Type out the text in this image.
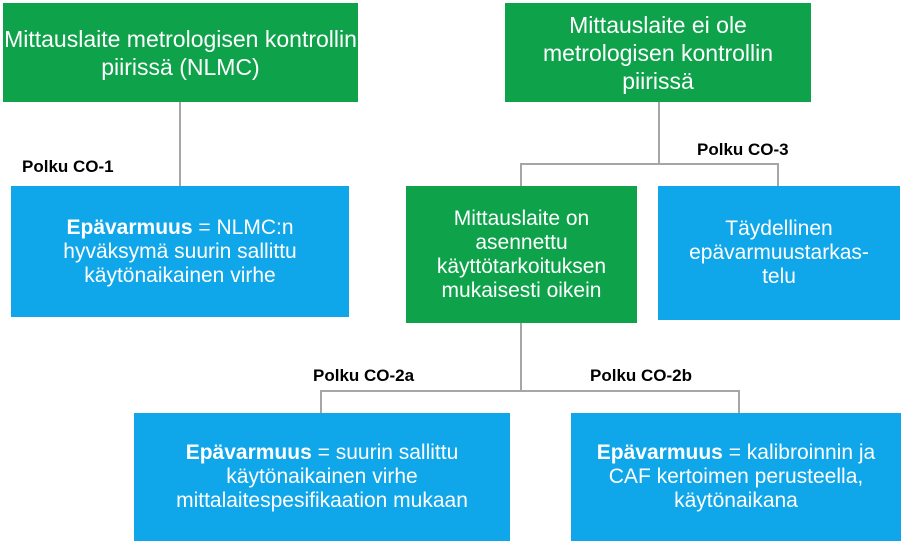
Mittauslaite metrologisen kontrollin piirissä (NLMC)
Mittauslaite ei ole metrologisen kontrollin piirissä
Polku CO-1
Polku CO-3
Epävarmuus = NLMC:n hyväksymä suurin sallittu käytönaikainen virhe
Mittauslaite on asennettu käyttötarkoituksen mukaisesti oikein
Täydellinen epävarmuustarkas-telu
Polku CO-2a	Polku CO-2b
Epävarmuus = suurin sallittu käytönaikainen virhe mittalaitespesifikaation mukaan
Epävarmuus = kalibroinnin ja CAF kertoimen perusteella, käytönaikana
